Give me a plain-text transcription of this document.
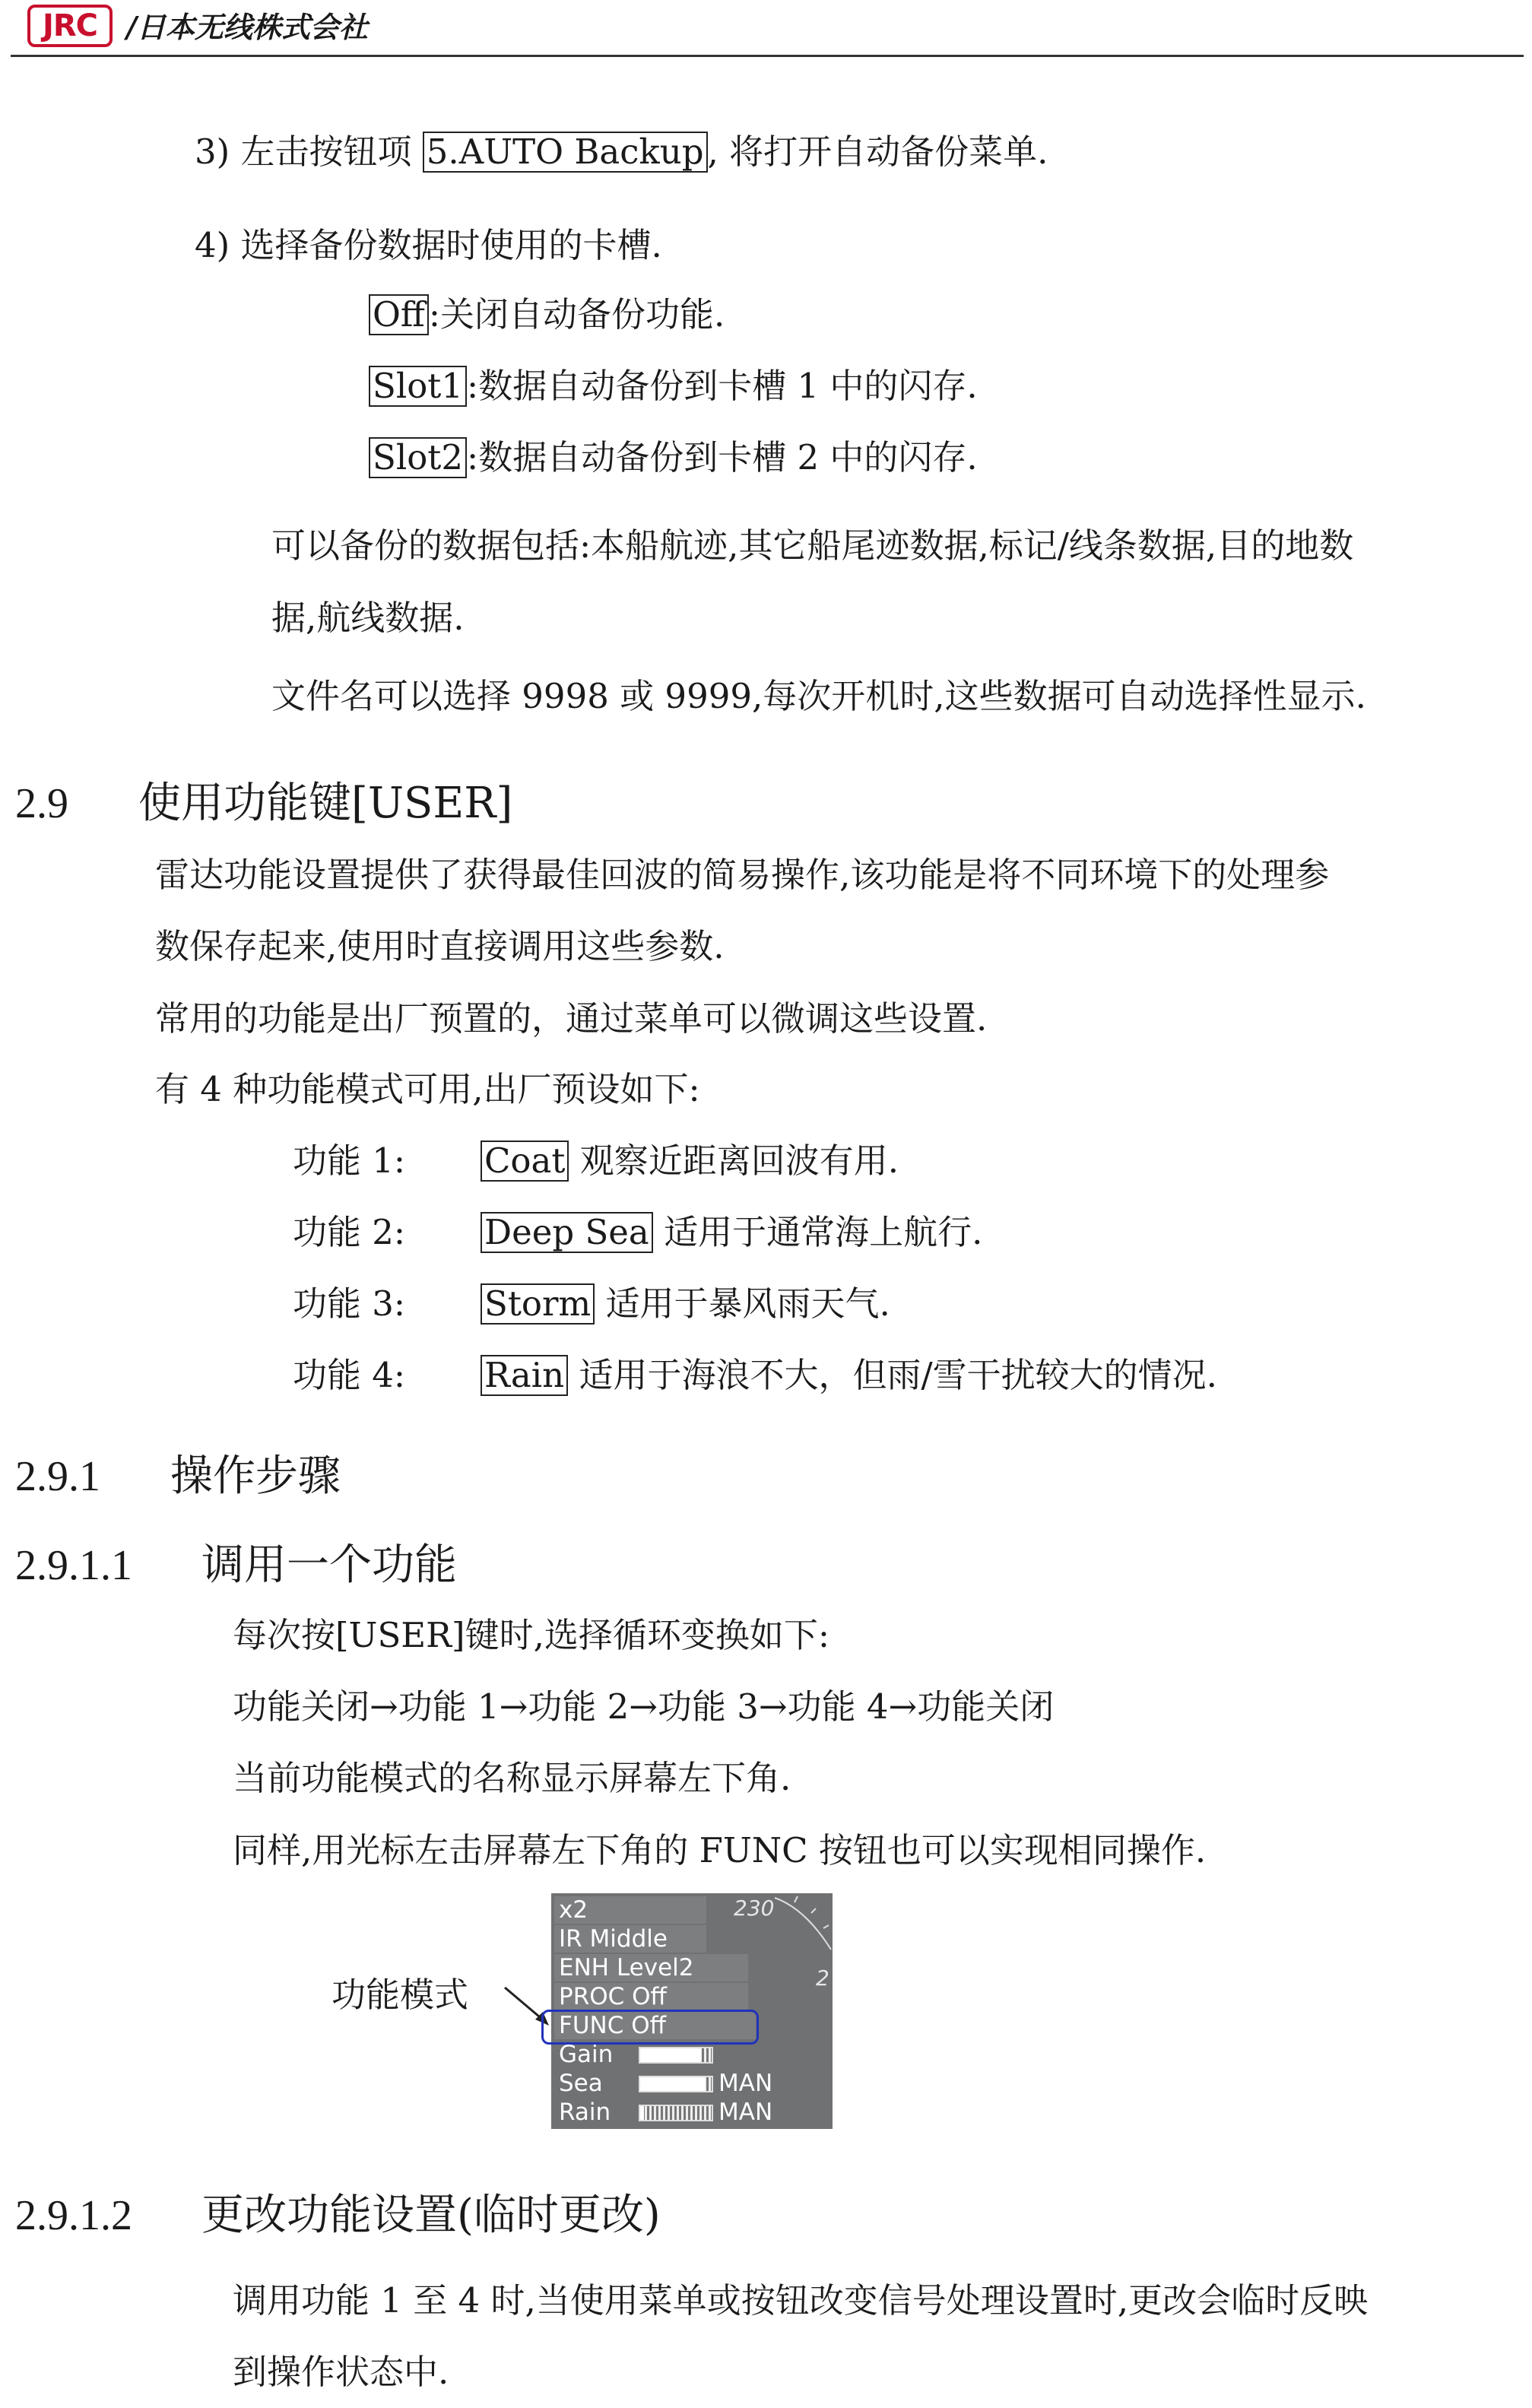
JRC /日本无线株式会社
3) 左击按钮项 5.AUTO Backup , 将打开自动备份菜单.
4) 选择备份数据时使用的卡槽.
Off :关闭自动备份功能.
Slot1 :数据自动备份到卡槽 1 中的闪存.
Slot2 :数据自动备份到卡槽 2 中的闪存.
可以备份的数据包括:本船航迹,其它船尾迹数据,标记/线条数据,目的地数
据,航线数据.
文件名可以选择 9998 或 9999,每次开机时,这些数据可自动选择性显示.
2.9 使用功能键[USER]
雷达功能设置提供了获得最佳回波的简易操作,该功能是将不同环境下的处理参
数保存起来,使用时直接调用这些参数.
常用的功能是出厂预置的，通过菜单可以微调这些设置.
有 4 种功能模式可用,出厂预设如下:
功能 1: Coat 观察近距离回波有用.
功能 2: Deep Sea 适用于通常海上航行.
功能 3: Storm 适用于暴风雨天气.
功能 4: Rain 适用于海浪不大，但雨/雪干扰较大的情况.
2.9.1 操作步骤
2.9.1.1 调用一个功能
每次按[USER]键时,选择循环变换如下:
功能关闭→功能 1→功能 2→功能 3→功能 4→功能关闭
当前功能模式的名称显示屏幕左下角.
同样,用光标左击屏幕左下角的 FUNC 按钮也可以实现相同操作.
功能模式
x2
IR Middle
ENH Level2
PROC Off
FUNC Off
Gain
Sea
Rain
MAN
MAN
230
2
2.9.1.2 更改功能设置(临时更改)
调用功能 1 至 4 时,当使用菜单或按钮改变信号处理设置时,更改会临时反映
到操作状态中.
